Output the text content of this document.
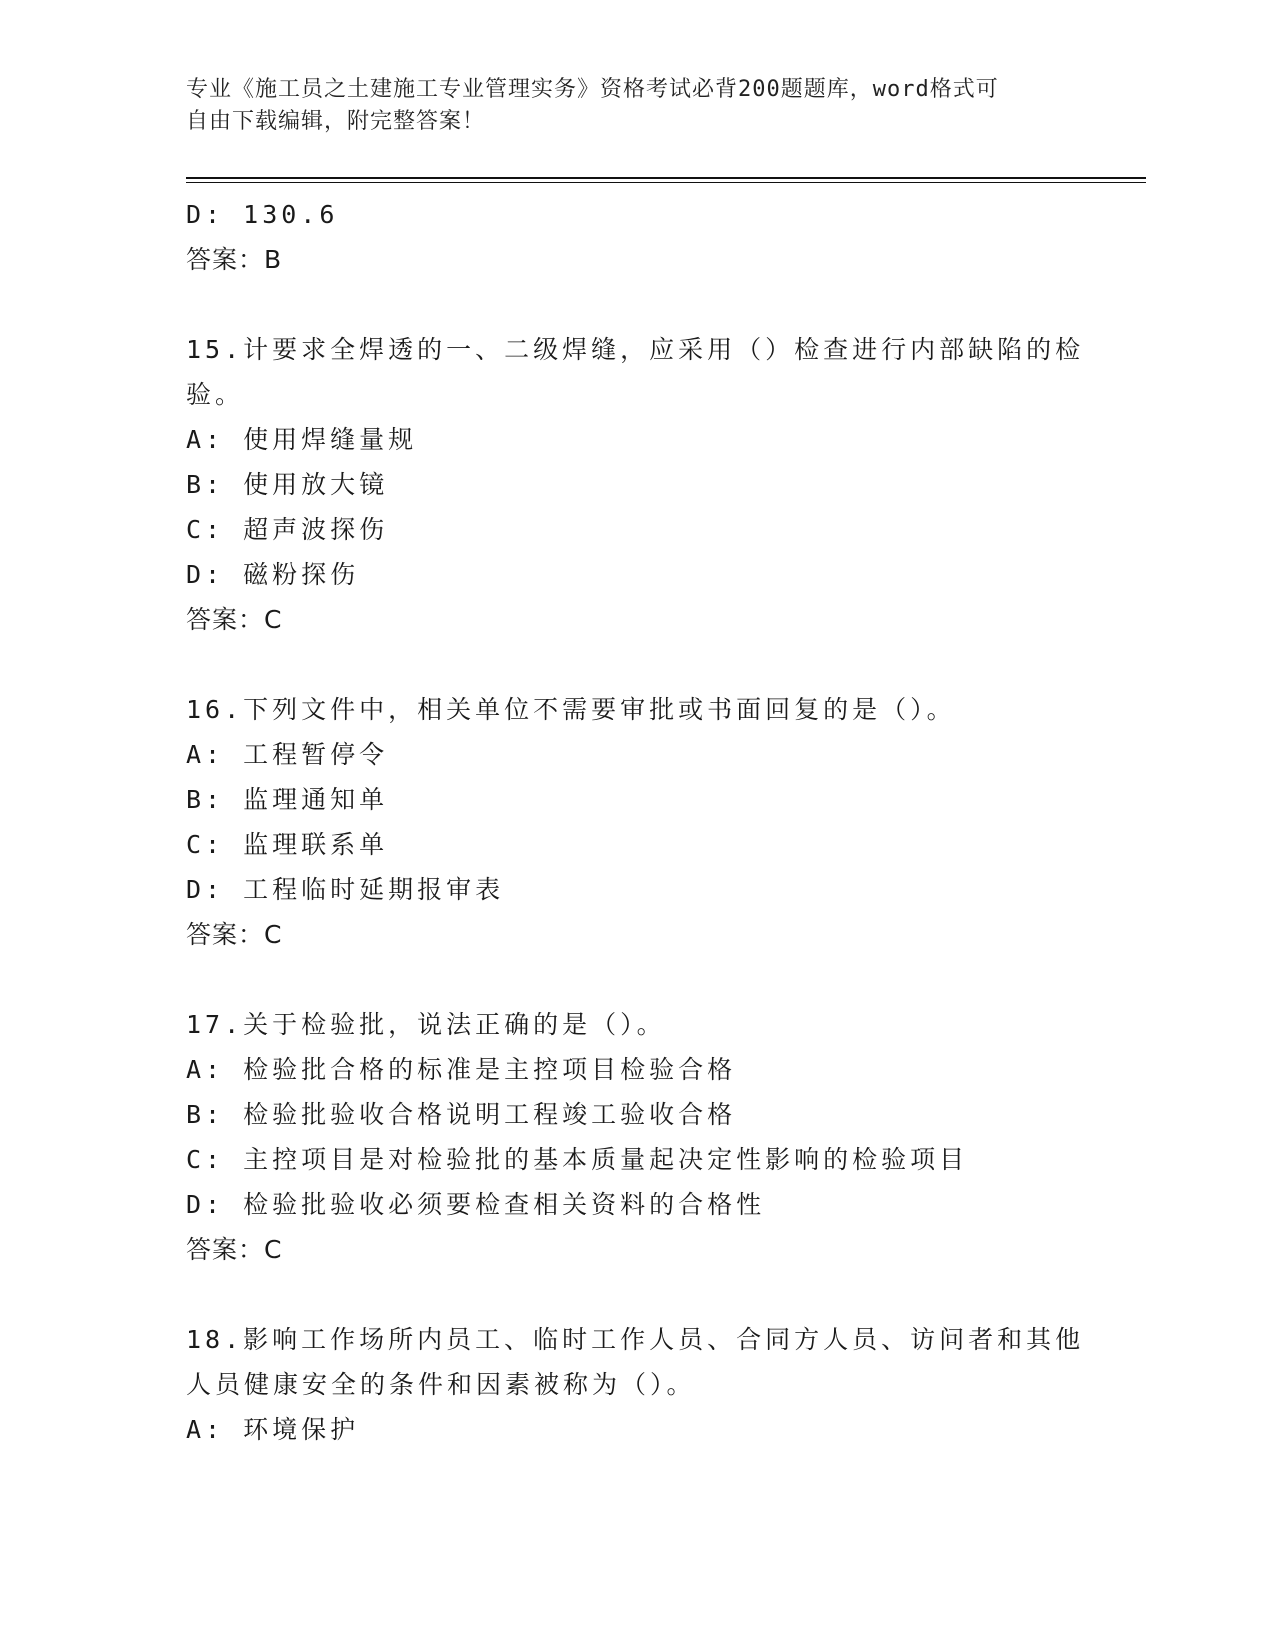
专业《施工员之土建施工专业管理实务》资格考试必背200题题库，word格式可
自由下载编辑，附完整答案！
D: 130.6
答案：B
15.计要求全焊透的一、二级焊缝，应采用（）检查进行内部缺陷的检
验。
A: 使用焊缝量规
B: 使用放大镜
C: 超声波探伤
D: 磁粉探伤
答案：C
16.下列文件中，相关单位不需要审批或书面回复的是（）。
A: 工程暂停令
B: 监理通知单
C: 监理联系单
D: 工程临时延期报审表
答案：C
17.关于检验批，说法正确的是（）。
A: 检验批合格的标准是主控项目检验合格
B: 检验批验收合格说明工程竣工验收合格
C: 主控项目是对检验批的基本质量起决定性影响的检验项目
D: 检验批验收必须要检查相关资料的合格性
答案：C
18.影响工作场所内员工、临时工作人员、合同方人员、访问者和其他
人员健康安全的条件和因素被称为（）。
A: 环境保护
